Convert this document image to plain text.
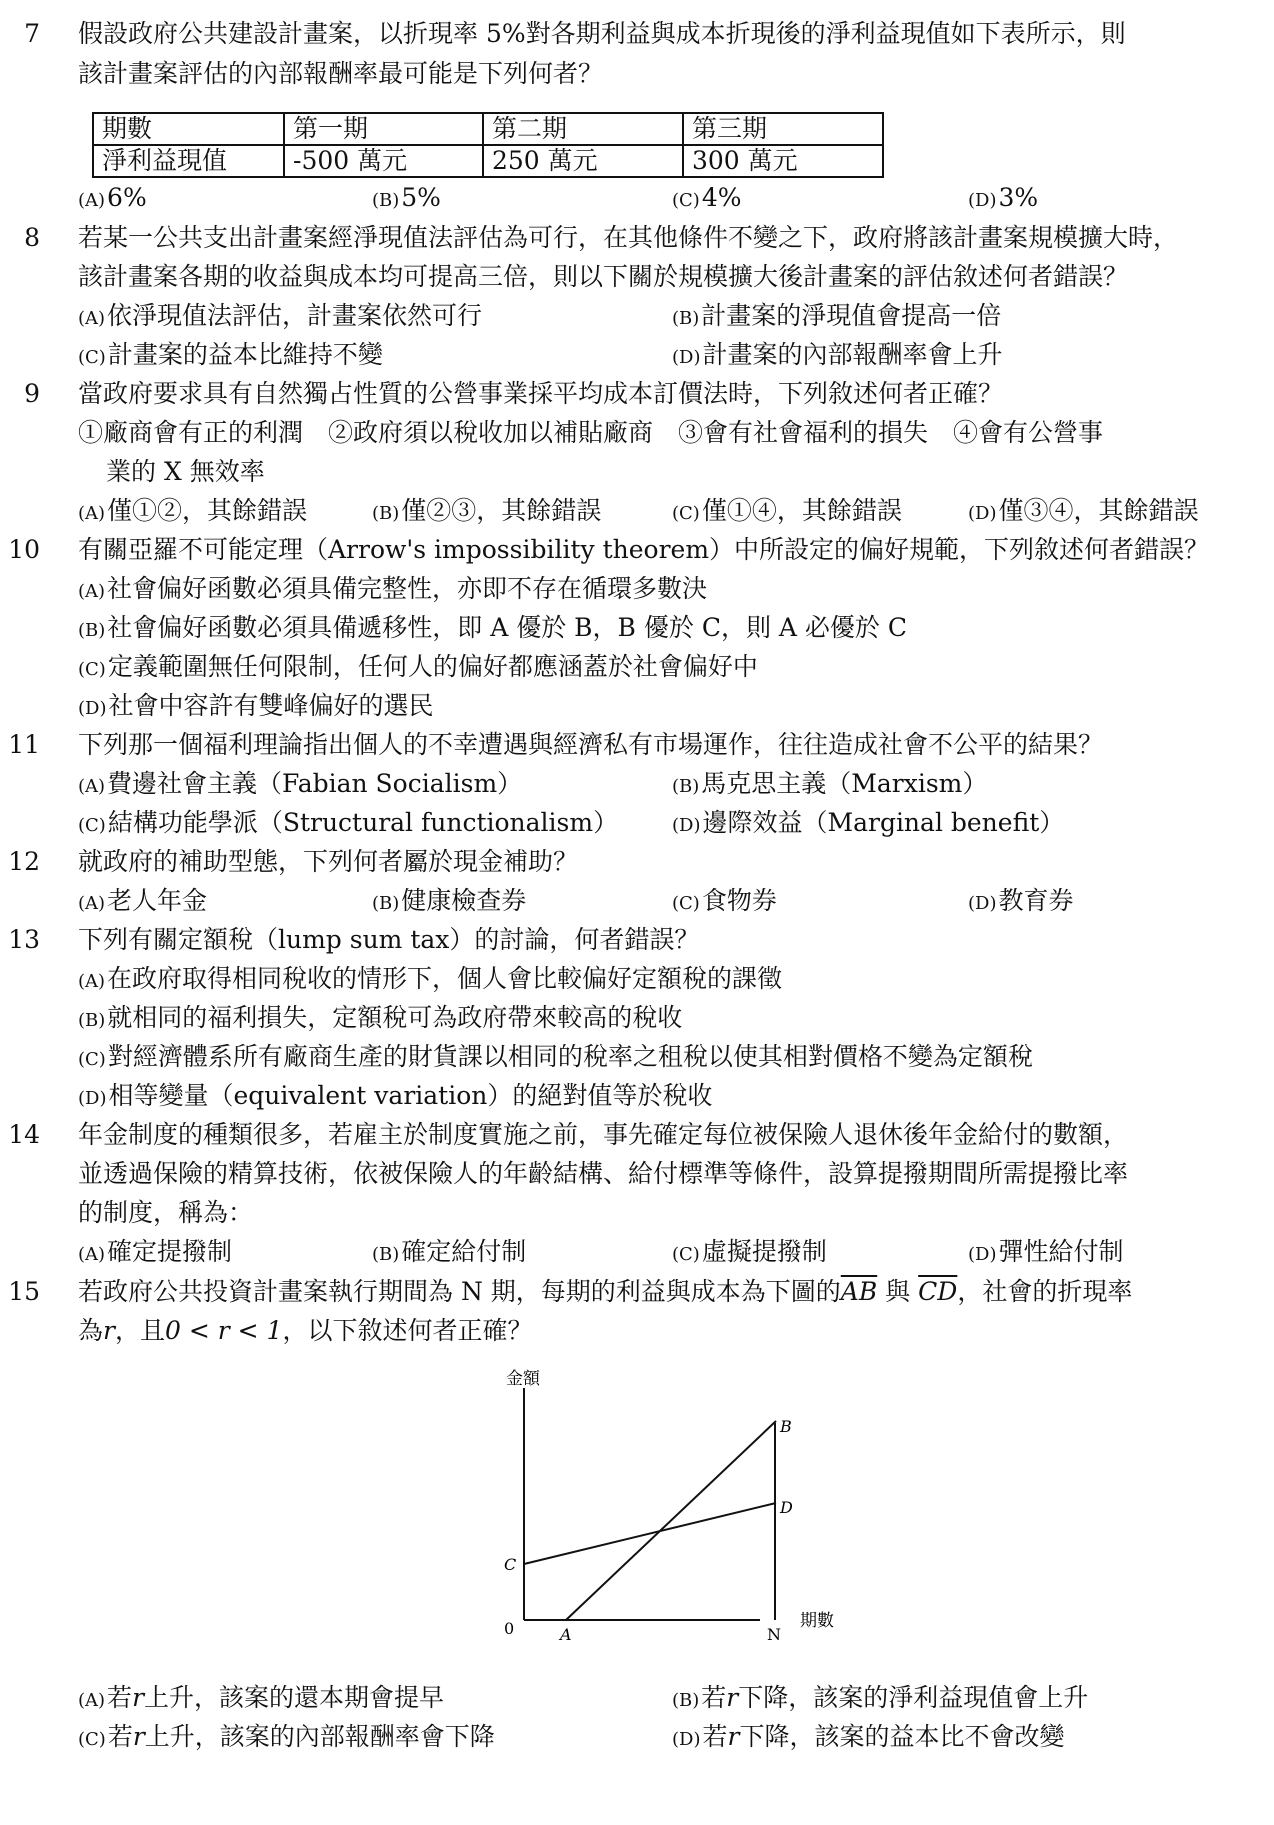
7 假設政府公共建設計畫案，以折現率 5%對各期利益與成本折現後的淨利益現值如下表所示，則
該計畫案評估的內部報酬率最可能是下列何者？
期數	第一期	第二期	第三期
淨利益現值	-500 萬元	250 萬元	300 萬元
(A)6%	(B)5%	(C)4%	(D)3%
8 若某一公共支出計畫案經淨現值法評估為可行，在其他條件不變之下，政府將該計畫案規模擴大時，
該計畫案各期的收益與成本均可提高三倍，則以下關於規模擴大後計畫案的評估敘述何者錯誤？
(A)依淨現值法評估，計畫案依然可行	(B)計畫案的淨現值會提高一倍
(C)計畫案的益本比維持不變	(D)計畫案的內部報酬率會上升
9 當政府要求具有自然獨占性質的公營事業採平均成本訂價法時，下列敘述何者正確？
①廠商會有正的利潤　②政府須以稅收加以補貼廠商　③會有社會福利的損失　④會有公營事
業的 X 無效率
(A)僅①②，其餘錯誤	(B)僅②③，其餘錯誤	(C)僅①④，其餘錯誤	(D)僅③④，其餘錯誤
10 有關亞羅不可能定理（Arrow's impossibility theorem）中所設定的偏好規範，下列敘述何者錯誤？
(A)社會偏好函數必須具備完整性，亦即不存在循環多數決
(B)社會偏好函數必須具備遞移性，即 A 優於 B，B 優於 C，則 A 必優於 C
(C)定義範圍無任何限制，任何人的偏好都應涵蓋於社會偏好中
(D)社會中容許有雙峰偏好的選民
11 下列那一個福利理論指出個人的不幸遭遇與經濟私有市場運作，往往造成社會不公平的結果？
(A)費邊社會主義（Fabian Socialism）	(B)馬克思主義（Marxism）
(C)結構功能學派（Structural functionalism）	(D)邊際效益（Marginal benefit）
12 就政府的補助型態，下列何者屬於現金補助？
(A)老人年金	(B)健康檢查券	(C)食物券	(D)教育券
13 下列有關定額稅（lump sum tax）的討論，何者錯誤？
(A)在政府取得相同稅收的情形下，個人會比較偏好定額稅的課徵
(B)就相同的福利損失，定額稅可為政府帶來較高的稅收
(C)對經濟體系所有廠商生產的財貨課以相同的稅率之租稅以使其相對價格不變為定額稅
(D)相等變量（equivalent variation）的絕對值等於稅收
14 年金制度的種類很多，若雇主於制度實施之前，事先確定每位被保險人退休後年金給付的數額，
並透過保險的精算技術，依被保險人的年齡結構、給付標準等條件，設算提撥期間所需提撥比率
的制度，稱為：
(A)確定提撥制	(B)確定給付制	(C)虛擬提撥制	(D)彈性給付制
15 若政府公共投資計畫案執行期間為 N 期，每期的利益與成本為下圖的$\overline{AB}$ 與 $\overline{CD}$，社會的折現率
為r，且0 < r < 1，以下敘述何者正確？
金額
期數
0	A
B
C
D
N
(A)若r上升，該案的還本期會提早	(B)若r下降，該案的淨利益現值會上升
(C)若r上升，該案的內部報酬率會下降	(D)若r下降，該案的益本比不會改變
